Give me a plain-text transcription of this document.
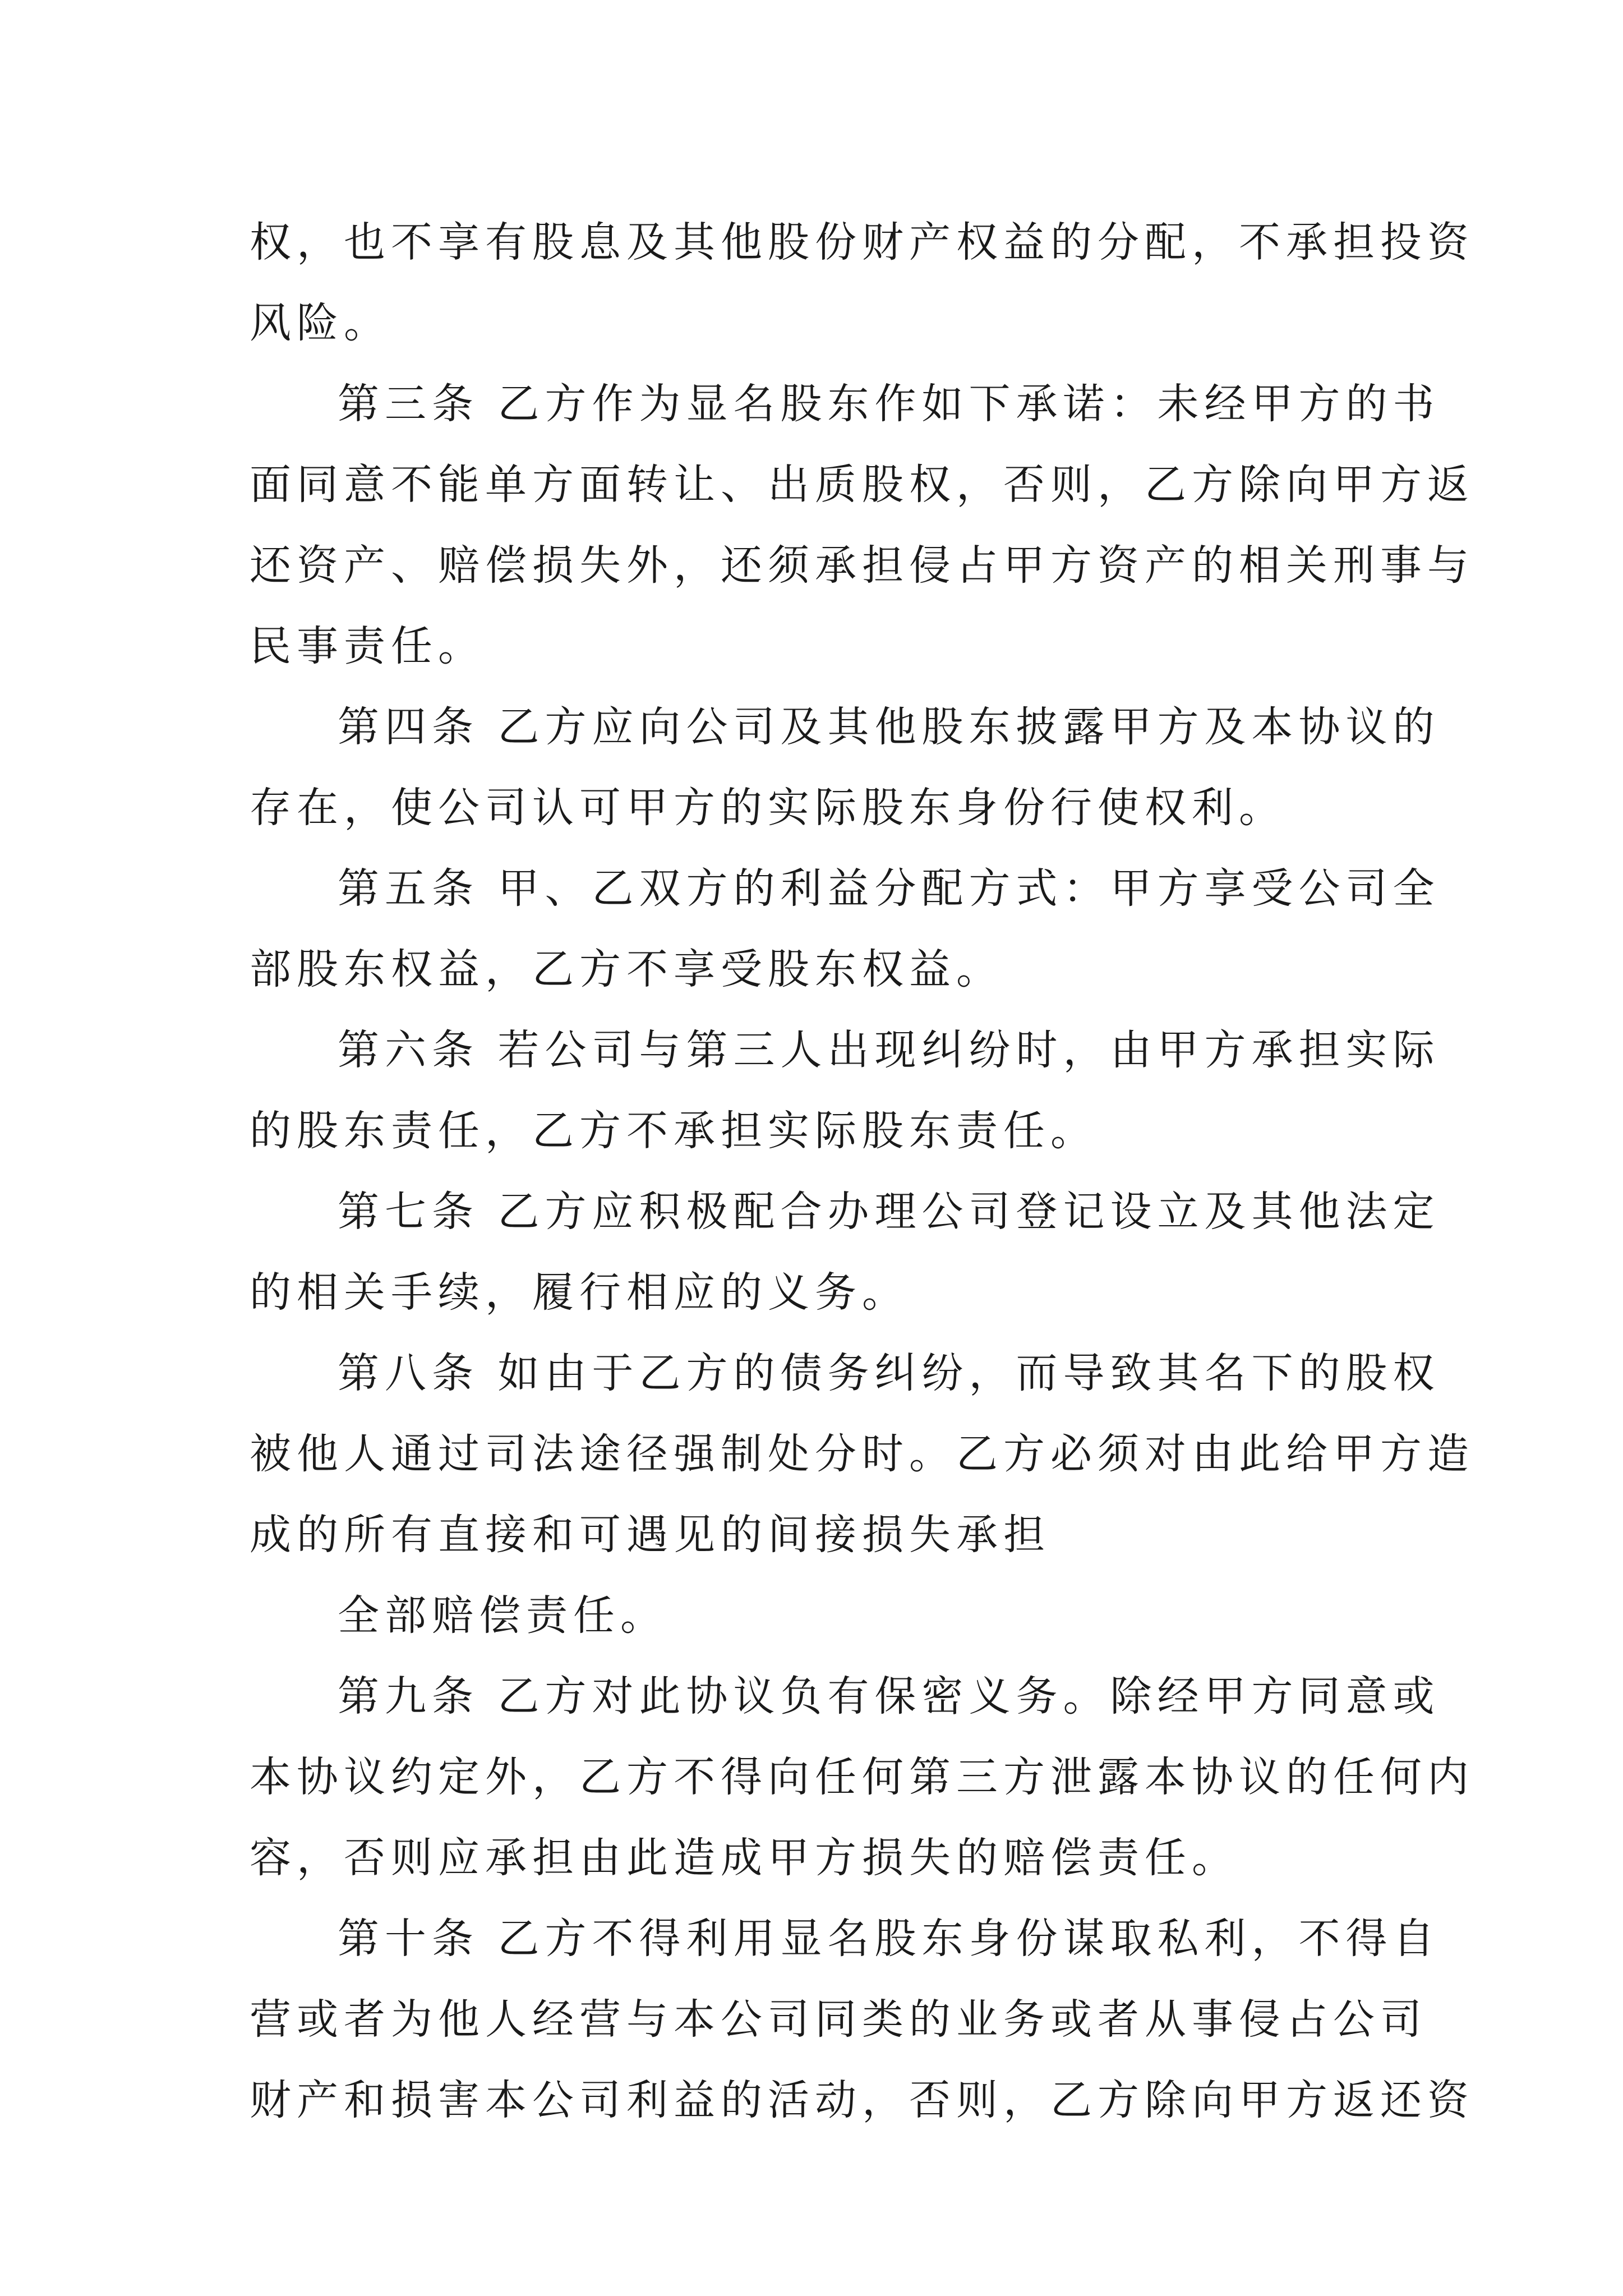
权，也不享有股息及其他股份财产权益的分配，不承担投资
风险。
第三条 乙方作为显名股东作如下承诺：未经甲方的书
面同意不能单方面转让、出质股权，否则，乙方除向甲方返
还资产、赔偿损失外，还须承担侵占甲方资产的相关刑事与
民事责任。
第四条 乙方应向公司及其他股东披露甲方及本协议的
存在，使公司认可甲方的实际股东身份行使权利。
第五条 甲、乙双方的利益分配方式：甲方享受公司全
部股东权益，乙方不享受股东权益。
第六条 若公司与第三人出现纠纷时，由甲方承担实际
的股东责任，乙方不承担实际股东责任。
第七条 乙方应积极配合办理公司登记设立及其他法定
的相关手续，履行相应的义务。
第八条 如由于乙方的债务纠纷，而导致其名下的股权
被他人通过司法途径强制处分时。乙方必须对由此给甲方造
成的所有直接和可遇见的间接损失承担
全部赔偿责任。
第九条 乙方对此协议负有保密义务。除经甲方同意或
本协议约定外，乙方不得向任何第三方泄露本协议的任何内
容，否则应承担由此造成甲方损失的赔偿责任。
第十条 乙方不得利用显名股东身份谋取私利，不得自
营或者为他人经营与本公司同类的业务或者从事侵占公司
财产和损害本公司利益的活动，否则，乙方除向甲方返还资
